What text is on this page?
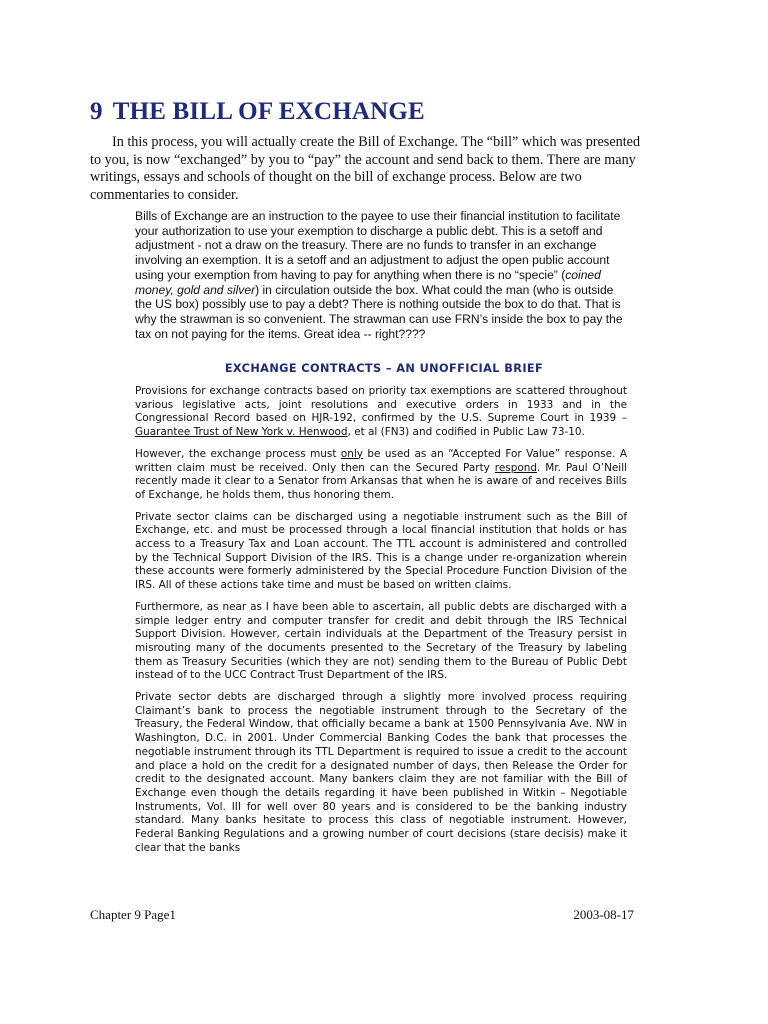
9 THE BILL OF EXCHANGE

In this process, you will actually create the Bill of Exchange. The “bill” which was presented to you, is now “exchanged” by you to “pay” the account and send back to them. There are many writings, essays and schools of thought on the bill of exchange process. Below are two commentaries to consider.

Bills of Exchange are an instruction to the payee to use their financial institution to facilitate your authorization to use your exemption to discharge a public debt. This is a setoff and adjustment - not a draw on the treasury. There are no funds to transfer in an exchange involving an exemption. It is a setoff and an adjustment to adjust the open public account using your exemption from having to pay for anything when there is no “specie” (coined money, gold and silver) in circulation outside the box. What could the man (who is outside the US box) possibly use to pay a debt? There is nothing outside the box to do that. That is why the strawman is so convenient. The strawman can use FRN’s inside the box to pay the tax on not paying for the items. Great idea -- right????

EXCHANGE CONTRACTS – AN UNOFFICIAL BRIEF

Provisions for exchange contracts based on priority tax exemptions are scattered throughout various legislative acts, joint resolutions and executive orders in 1933 and in the Congressional Record based on HJR-192, confirmed by the U.S. Supreme Court in 1939 – Guarantee Trust of New York v. Henwood, et al (FN3) and codified in Public Law 73-10.

However, the exchange process must only be used as an “Accepted For Value” response. A written claim must be received. Only then can the Secured Party respond. Mr. Paul O’Neill recently made it clear to a Senator from Arkansas that when he is aware of and receives Bills of Exchange, he holds them, thus honoring them.

Private sector claims can be discharged using a negotiable instrument such as the Bill of Exchange, etc. and must be processed through a local financial institution that holds or has access to a Treasury Tax and Loan account. The TTL account is administered and controlled by the Technical Support Division of the IRS. This is a change under re-organization wherein these accounts were formerly administered by the Special Procedure Function Division of the IRS. All of these actions take time and must be based on written claims.

Furthermore, as near as I have been able to ascertain, all public debts are discharged with a simple ledger entry and computer transfer for credit and debit through the IRS Technical Support Division. However, certain individuals at the Department of the Treasury persist in misrouting many of the documents presented to the Secretary of the Treasury by labeling them as Treasury Securities (which they are not) sending them to the Bureau of Public Debt instead of to the UCC Contract Trust Department of the IRS.

Private sector debts are discharged through a slightly more involved process requiring Claimant’s bank to process the negotiable instrument through to the Secretary of the Treasury, the Federal Window, that officially became a bank at 1500 Pennsylvania Ave. NW in Washington, D.C. in 2001. Under Commercial Banking Codes the bank that processes the negotiable instrument through its TTL Department is required to issue a credit to the account and place a hold on the credit for a designated number of days, then Release the Order for credit to the designated account. Many bankers claim they are not familiar with the Bill of Exchange even though the details regarding it have been published in Witkin – Negotiable Instruments, Vol. III for well over 80 years and is considered to be the banking industry standard. Many banks hesitate to process this class of negotiable instrument. However, Federal Banking Regulations and a growing number of court decisions (stare decisis) make it clear that the banks

Chapter 9 Page1	2003-08-17
